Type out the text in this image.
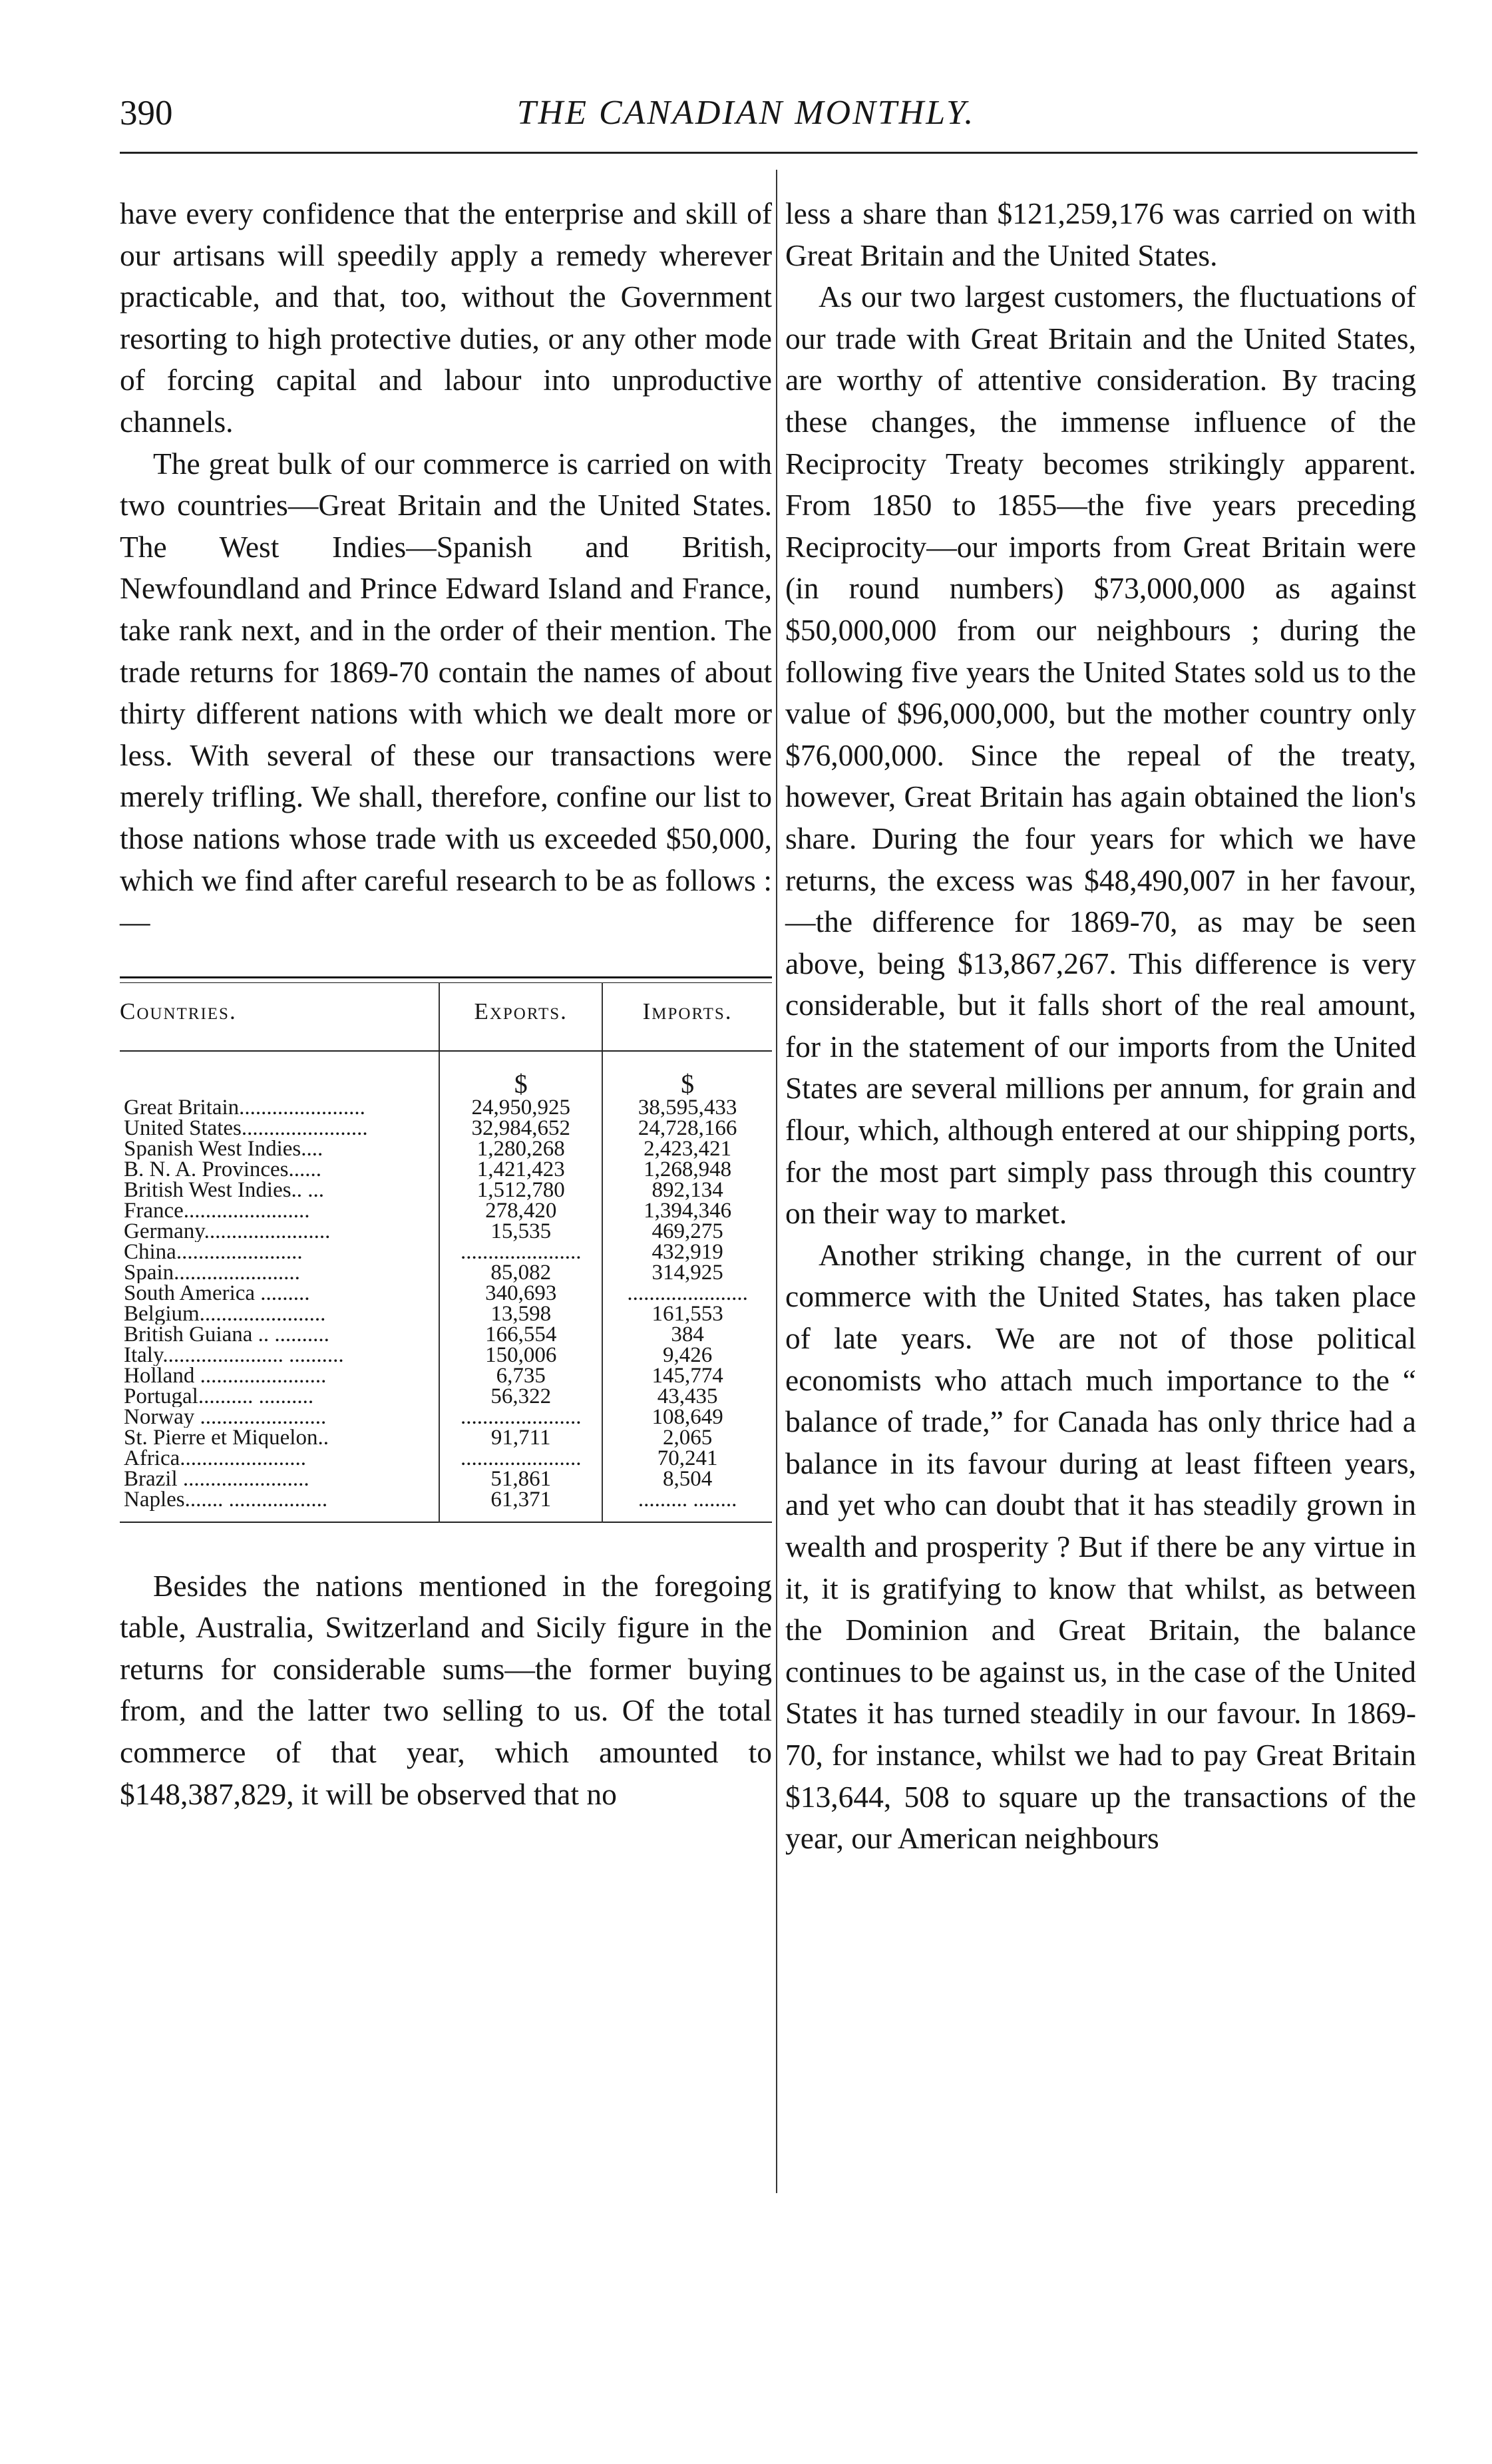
390	THE CANADIAN MONTHLY.

have every confidence that the enterprise and skill of our artisans will speedily apply a remedy wherever practicable, and that, too, without the Government resorting to high protective duties, or any other mode of forcing capital and labour into unproductive channels.

The great bulk of our commerce is carried on with two countries—Great Britain and the United States. The West Indies—Spanish and British, Newfoundland and Prince Edward Island and France, take rank next, and in the order of their mention. The trade returns for 1869-70 contain the names of about thirty different nations with which we dealt more or less. With several of these our transactions were merely trifling. We shall, therefore, confine our list to those nations whose trade with us exceeded $50,000, which we find after careful research to be as follows :—

Countries.	Exports.	Imports.
	$	$
Great Britain.......................	24,950,925	38,595,433
United States.......................	32,984,652	24,728,166
Spanish West Indies....	1,280,268	2,423,421
B. N. A. Provinces......	1,421,423	1,268,948
British West Indies.. ...	1,512,780	892,134
France.......................	278,420	1,394,346
Germany.......................	15,535	469,275
China.......................	......................	432,919
Spain.......................	85,082	314,925
South America .........	340,693	......................
Belgium.......................	13,598	161,553
British Guiana .. ..........	166,554	384
Italy...................... ..........	150,006	9,426
Holland .......................	6,735	145,774
Portugal.......... ..........	56,322	43,435
Norway .......................	......................	108,649
St. Pierre et Miquelon..	91,711	2,065
Africa.......................	......................	70,241
Brazil .......................	51,861	8,504
Naples....... ..................	61,371	......... ........

Besides the nations mentioned in the foregoing table, Australia, Switzerland and Sicily figure in the returns for considerable sums—the former buying from, and the latter two selling to us. Of the total commerce of that year, which amounted to $148,387,829, it will be observed that no

less a share than $121,259,176 was carried on with Great Britain and the United States.

As our two largest customers, the fluctuations of our trade with Great Britain and the United States, are worthy of attentive consideration. By tracing these changes, the immense influence of the Reciprocity Treaty becomes strikingly apparent. From 1850 to 1855—the five years preceding Reciprocity—our imports from Great Britain were (in round numbers) $73,000,000 as against $50,000,000 from our neighbours ; during the following five years the United States sold us to the value of $96,000,000, but the mother country only $76,000,000. Since the repeal of the treaty, however, Great Britain has again obtained the lion's share. During the four years for which we have returns, the excess was $48,490,007 in her favour,—the difference for 1869-70, as may be seen above, being $13,867,267. This difference is very considerable, but it falls short of the real amount, for in the statement of our imports from the United States are several millions per annum, for grain and flour, which, although entered at our shipping ports, for the most part simply pass through this country on their way to market.

Another striking change, in the current of our commerce with the United States, has taken place of late years. We are not of those political economists who attach much importance to the “ balance of trade,” for Canada has only thrice had a balance in its favour during at least fifteen years, and yet who can doubt that it has steadily grown in wealth and prosperity ? But if there be any virtue in it, it is gratifying to know that whilst, as between the Dominion and Great Britain, the balance continues to be against us, in the case of the United States it has turned steadily in our favour. In 1869-70, for instance, whilst we had to pay Great Britain $13,644, 508 to square up the transactions of the year, our American neighbours
